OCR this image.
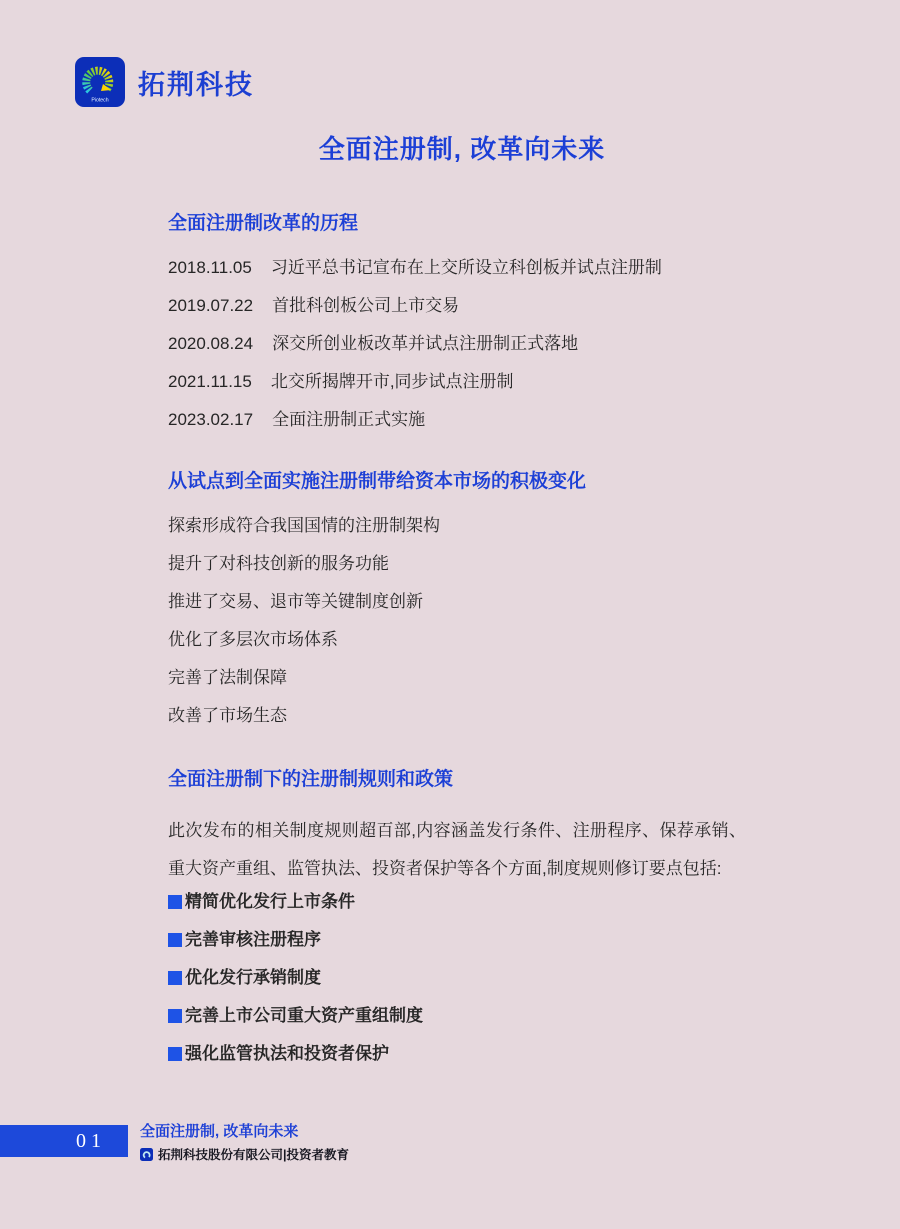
Piotech
拓荆科技
全面注册制, 改革向未来
全面注册制改革的历程
2018.11.05 习近平总书记宣布在上交所设立科创板并试点注册制
2019.07.22 首批科创板公司上市交易
2020.08.24 深交所创业板改革并试点注册制正式落地
2021.11.15 北交所揭牌开市,同步试点注册制
2023.02.17 全面注册制正式实施
从试点到全面实施注册制带给资本市场的积极变化
探索形成符合我国国情的注册制架构
提升了对科技创新的服务功能
推进了交易、退市等关键制度创新
优化了多层次市场体系
完善了法制保障
改善了市场生态
全面注册制下的注册制规则和政策

此次发布的相关制度规则超百部,内容涵盖发行条件、注册程序、保荐承销、重大资产重组、监管执法、投资者保护等各个方面,制度规则修订要点包括:

精简优化发行上市条件
完善审核注册程序
优化发行承销制度
完善上市公司重大资产重组制度
强化监管执法和投资者保护
01 全面注册制, 改革向未来
拓荆科技股份有限公司|投资者教育
